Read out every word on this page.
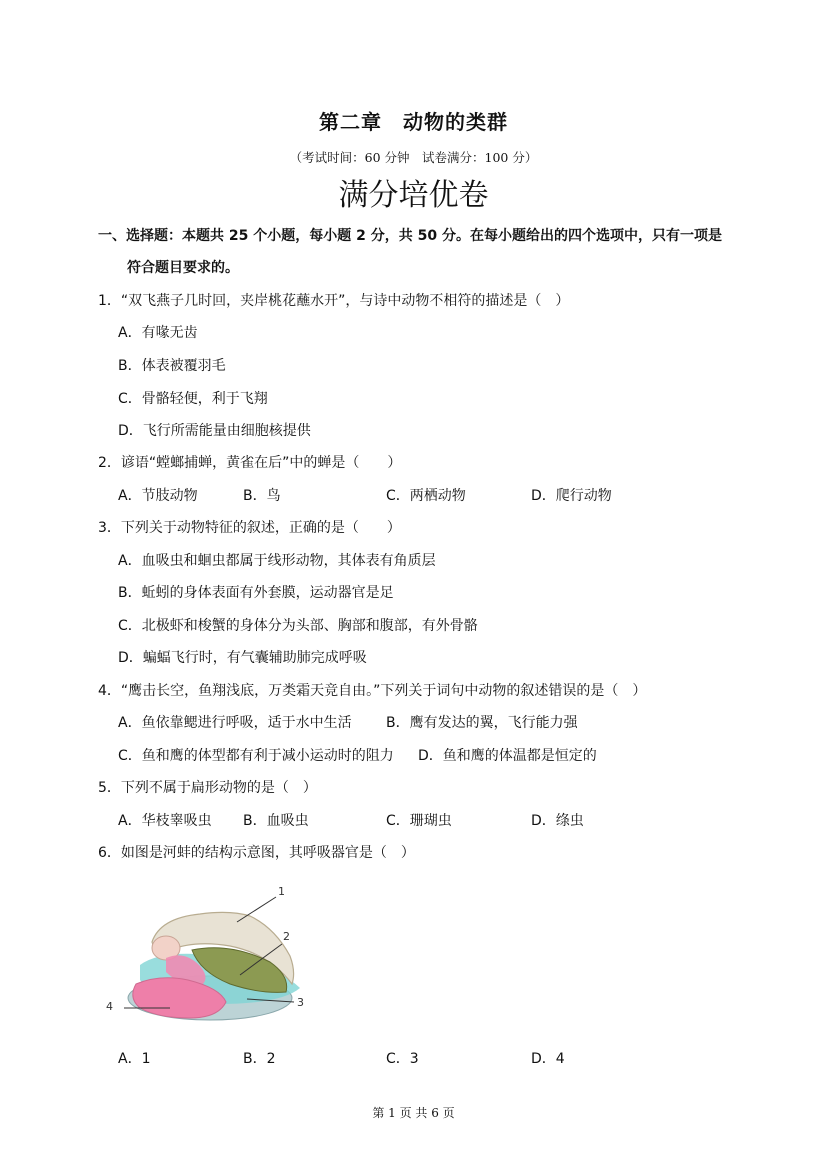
第二章　动物的类群
（考试时间：60 分钟　试卷满分：100 分）
满分培优卷
一、选择题：本题共 25 个小题，每小题 2 分，共 50 分。在每小题给出的四个选项中，只有一项是
符合题目要求的。
1．“双飞燕子几时回，夹岸桃花蘸水开”，与诗中动物不相符的描述是（　）
A．有喙无齿
B．体表被覆羽毛
C．骨骼轻便，利于飞翔
D．飞行所需能量由细胞核提供
2．谚语“螳螂捕蝉，黄雀在后”中的蝉是（　　）
A．节肢动物	B．鸟	C．两栖动物	D．爬行动物
3．下列关于动物特征的叙述，正确的是（　　）
A．血吸虫和蛔虫都属于线形动物，其体表有角质层
B．蚯蚓的身体表面有外套膜，运动器官是足
C．北极虾和梭蟹的身体分为头部、胸部和腹部，有外骨骼
D．蝙蝠飞行时，有气囊辅助肺完成呼吸
4．“鹰击长空，鱼翔浅底，万类霜天竞自由。”下列关于词句中动物的叙述错误的是（　）
A．鱼依靠鳃进行呼吸，适于水中生活 B．鹰有发达的翼，飞行能力强
C．鱼和鹰的体型都有利于减小运动时的阻力 D．鱼和鹰的体温都是恒定的
5．下列不属于扁形动物的是（　）
A．华枝睾吸虫 B．血吸虫	C．珊瑚虫	D．绦虫
6．如图是河蚌的结构示意图，其呼吸器官是（　）
1
2
3
4
A．1	B．2	C．3	D．4
第 1 页 共 6 页
